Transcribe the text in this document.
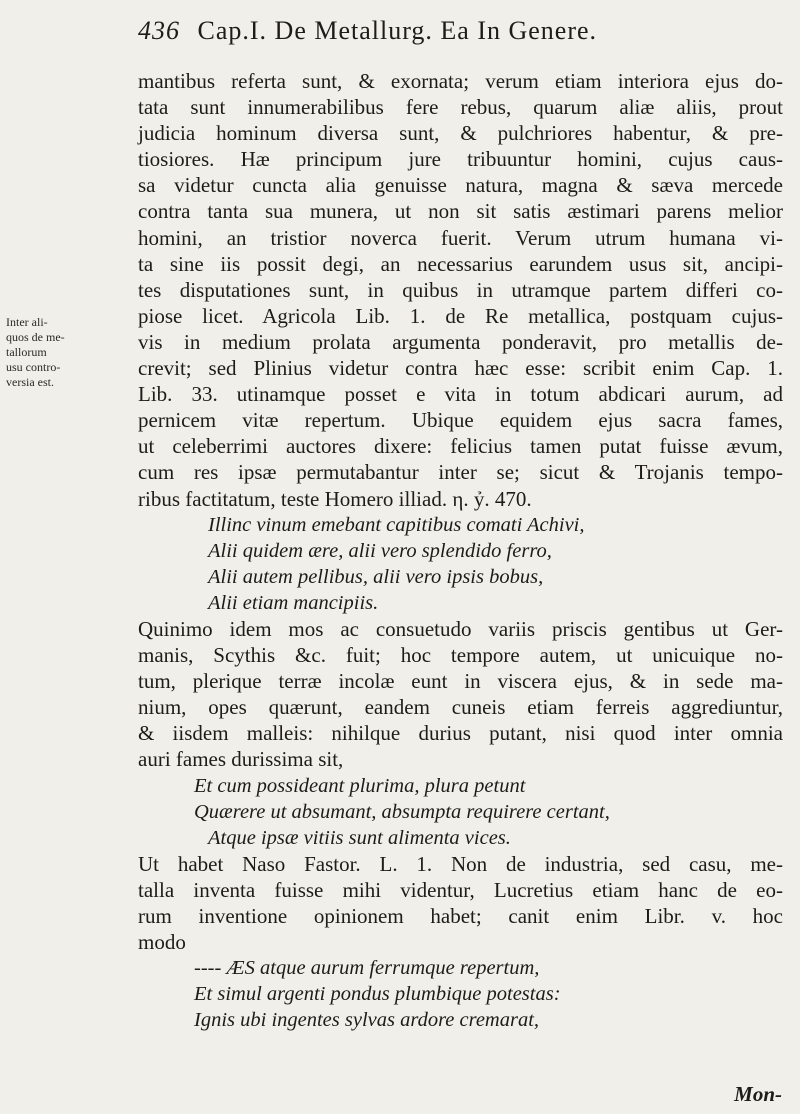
436 Cap.I. De Metallurg. Ea In Genere.
Inter ali-
quos de me-
tallorum
usu contro-
versia est.
mantibus referta sunt, & exornata; verum etiam interiora ejus do-
tata sunt innumerabilibus fere rebus, quarum aliæ aliis, prout
judicia hominum diversa sunt, & pulchriores habentur, & pre-
tiosiores. Hæ principum jure tribuuntur homini, cujus caus-
sa videtur cuncta alia genuisse natura, magna & sæva mercede
contra tanta sua munera, ut non sit satis æstimari parens melior
homini, an tristior noverca fuerit. Verum utrum humana vi-
ta sine iis possit degi, an necessarius earundem usus sit, ancipi-
tes disputationes sunt, in quibus in utramque partem differi co-
piose licet. Agricola Lib. 1. de Re metallica, postquam cujus-
vis in medium prolata argumenta ponderavit, pro metallis de-
crevit; sed Plinius videtur contra hæc esse: scribit enim Cap. 1.
Lib. 33. utinamque posset e vita in totum abdicari aurum, ad
pernicem vitæ repertum. Ubique equidem ejus sacra fames,
ut celeberrimi auctores dixere: felicius tamen putat fuisse ævum,
cum res ipsæ permutabantur inter se; sicut & Trojanis tempo-
ribus factitatum, teste Homero illiad. η. ỷ. 470.
Illinc vinum emebant capitibus comati Achivi,
Alii quidem ære, alii vero splendido ferro,
Alii autem pellibus, alii vero ipsis bobus,
Alii etiam mancipiis.
Quinimo idem mos ac consuetudo variis priscis gentibus ut Ger-
manis, Scythis &c. fuit; hoc tempore autem, ut unicuique no-
tum, plerique terræ incolæ eunt in viscera ejus, & in sede ma-
nium, opes quærunt, eandem cuneis etiam ferreis aggrediuntur,
& iisdem malleis: nihilque durius putant, nisi quod inter omnia
auri fames durissima sit,
Et cum possideant plurima, plura petunt
Quærere ut absumant, absumpta requirere certant,
Atque ipsæ vitiis sunt alimenta vices.
Ut habet Naso Fastor. L. 1. Non de industria, sed casu, me-
talla inventa fuisse mihi videntur, Lucretius etiam hanc de eo-
rum inventione opinionem habet; canit enim Libr. v. hoc
modo
---- ÆS atque aurum ferrumque repertum,
Et simul argenti pondus plumbique potestas:
Ignis ubi ingentes sylvas ardore cremarat,
Mon-
